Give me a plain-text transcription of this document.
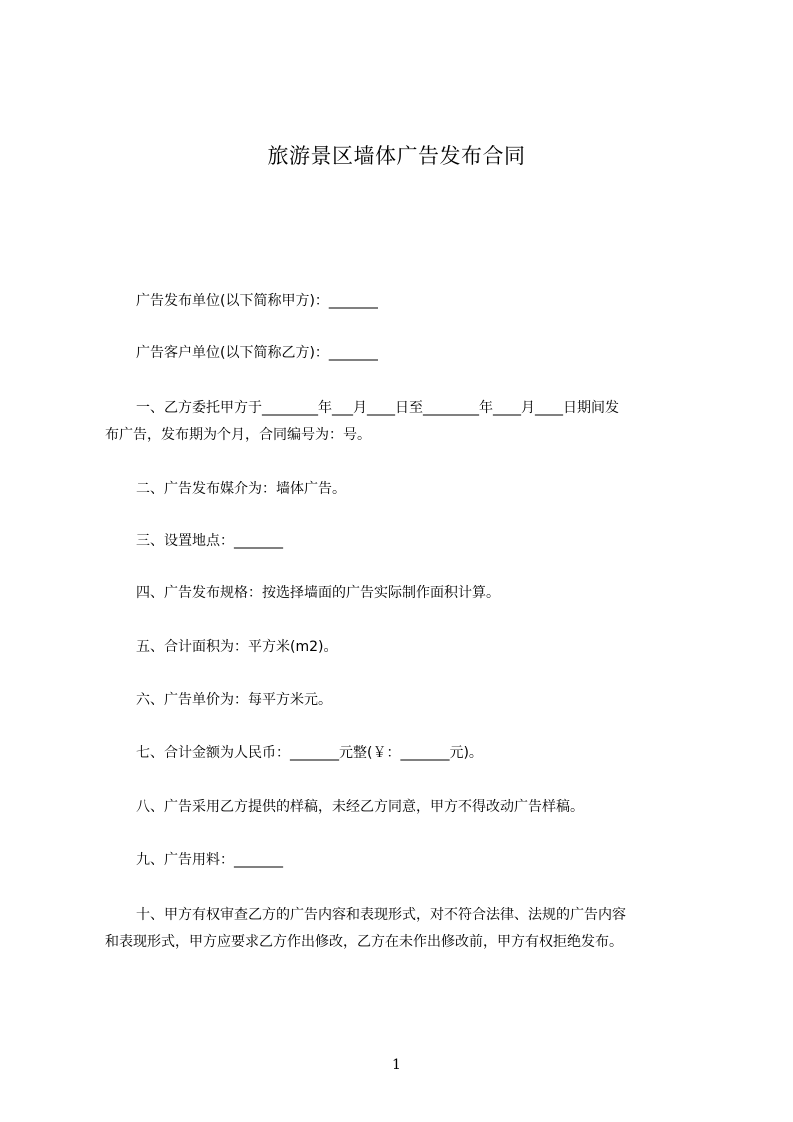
旅游景区墙体广告发布合同
广告发布单位(以下简称甲方)：_______
广告客户单位(以下简称乙方)：_______
一、乙方委托甲方于________年___月____日至________年____月____日期间发
布广告，发布期为个月，合同编号为：号。
二、广告发布媒介为：墙体广告。
三、设置地点：_______
四、广告发布规格：按选择墙面的广告实际制作面积计算。
五、合计面积为：平方米(m2)。
六、广告单价为：每平方米元。
七、合计金额为人民币：_______元整(￥：_______元)。
八、广告采用乙方提供的样稿，未经乙方同意，甲方不得改动广告样稿。
九、广告用料：_______
十、甲方有权审查乙方的广告内容和表现形式，对不符合法律、法规的广告内容
和表现形式，甲方应要求乙方作出修改，乙方在未作出修改前，甲方有权拒绝发布。
1
